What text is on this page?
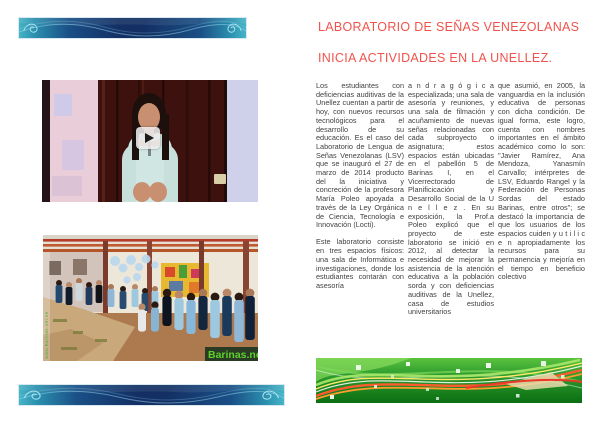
LABORATORIO DE SEÑAS VENEZOLANAS
INICIA ACTIVIDADES EN LA UNELLEZ.
www.Barinas.net.ve	Barinas.ne

Los estudiantes con deficiencias auditivas de la Unellez cuentan a partir de hoy, con nuevos recursos tecnológicos para el desarrollo de su educación. Es el caso del Laboratorio de Lengua de Señas Venezolanas (LSV) que se inauguró el 27 de marzo de 2014 producto del la iniciativa y concreción de la profesora María Poleo apoyada a través de la Ley Orgánica de Ciencia, Tecnología e Innovación (Locti).

Este laboratorio consiste en tres espacios físicos: una sala de Informática e investigaciones, donde los estudiantes contarán con asesoría

a n d r a g ó g i c a especializada; una sala de asesoría y reuniones, y una sala de filmación y acuñamiento de nuevas señas relacionadas con cada subproyecto o asignatura; estos espacios están ubicadas en el pabellón 5 de Barinas I, en el Vicerrectorado de Planificicación y Desarrollo Social de la U n e l l e z . En su exposición, la Prof.a Poleo explicó que el proyecto de este laboratorio se inició en 2012, al detectar la necesidad de mejorar la asistencia de la atención educativa a la población sorda y con deficiencias auditivas de la Unellez, casa de estudios universitarios

que asumió, en 2005, la vanguardia en la inclusión educativa de personas con dicha condición. De igual forma, este logro, cuenta con nombres importantes en el ámbito académico como lo son: "Javier Ramírez, Ana Mendoza, Yanasmín Carvallo; intérpretes de LSV, Eduardo Rangel y la Federación de Personas Sordas del estado Barinas, entre otros"; se destacó la importancia de que los usuarios de los espacios cuiden y u t i l i c e n apropiadamente los recursos para su permanencia y mejoría en el tiempo en beneficio colectivo
